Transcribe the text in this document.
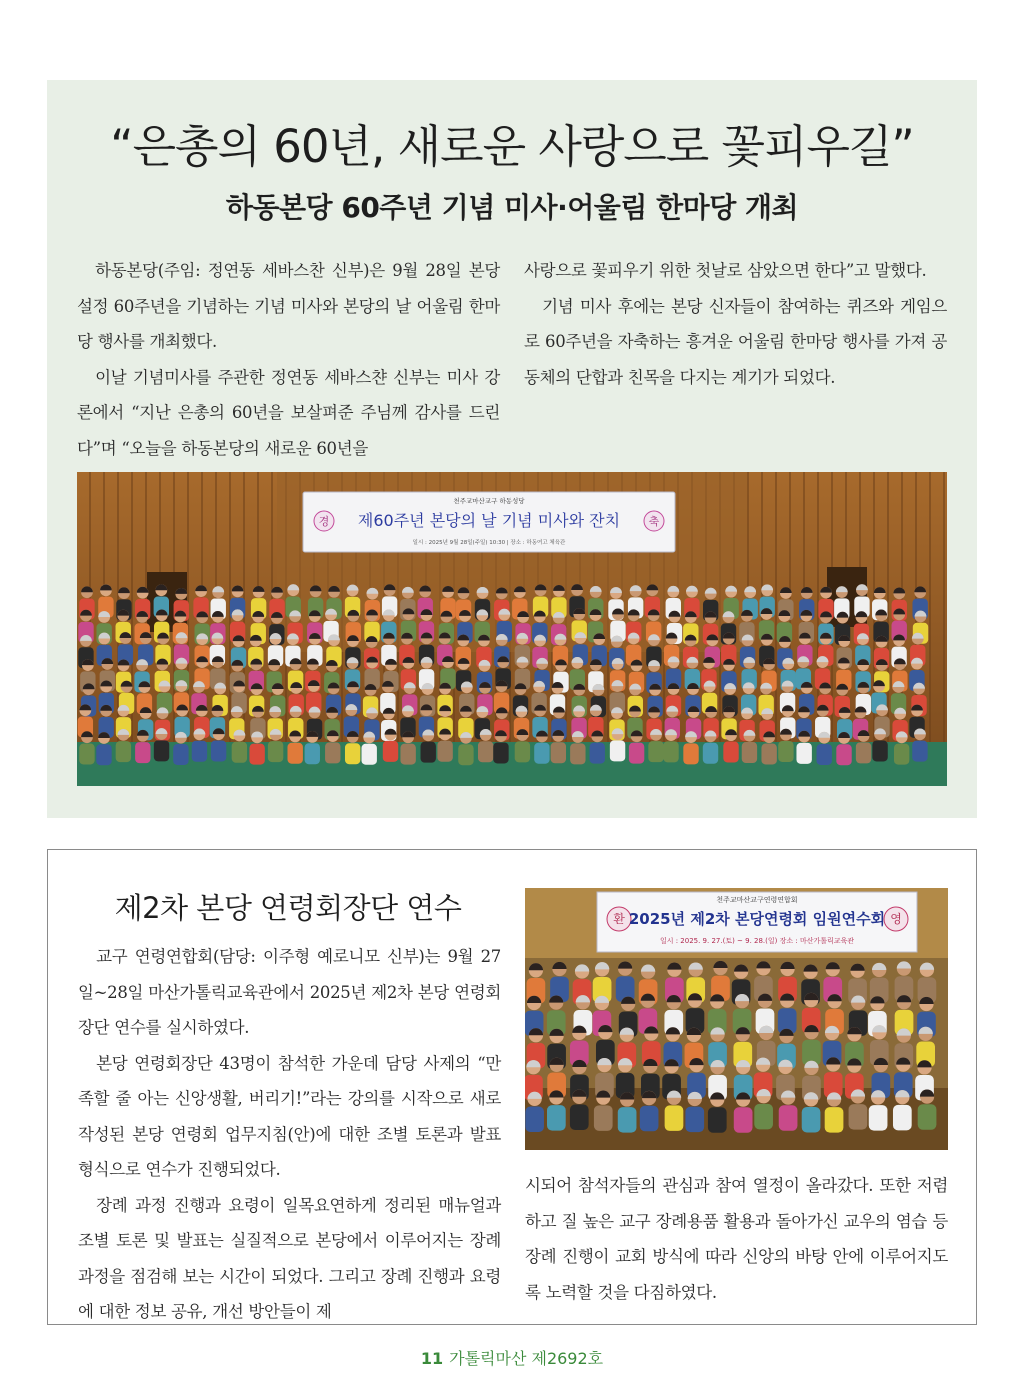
“은총의 60년, 새로운 사랑으로 꽃피우길”
하동본당 60주년 기념 미사·어울림 한마당 개최

하동본당(주임: 정연동 세바스찬 신부)은 9월 28일 본당 설정 60주년을 기념하는 기념 미사와 본당의 날 어울림 한마당 행사를 개최했다.

이날 기념미사를 주관한 정연동 세바스챤 신부는 미사 강론에서 “지난 은총의 60년을 보살펴준 주님께 감사를 드린다”며 “오늘을 하동본당의 새로운 60년을

사랑으로 꽃피우기 위한 첫날로 삼았으면 한다”고 말했다.

기념 미사 후에는 본당 신자들이 참여하는 퀴즈와 게임으로 60주년을 자축하는 흥겨운 어울림 한마당 행사를 가져 공동체의 단합과 친목을 다지는 계기가 되었다.

천주교마산교구 하동성당
경	축
제60주년 본당의 날 기념 미사와 잔치
일시 : 2025년 9월 28일(주일) 10:30 | 장소 : 하동여고 체육관
제2차 본당 연령회장단 연수

교구 연령연합회(담당: 이주형 예로니모 신부)는 9월 27일~28일 마산가톨릭교육관에서 2025년 제2차 본당 연령회장단 연수를 실시하였다.

본당 연령회장단 43명이 참석한 가운데 담당 사제의 “만족할 줄 아는 신앙생활, 버리기!”라는 강의를 시작으로 새로 작성된 본당 연령회 업무지침(안)에 대한 조별 토론과 발표 형식으로 연수가 진행되었다.

장례 과정 진행과 요령이 일목요연하게 정리된 매뉴얼과 조별 토론 및 발표는 실질적으로 본당에서 이루어지는 장례 과정을 점검해 보는 시간이 되었다. 그리고 장례 진행과 요령에 대한 정보 공유, 개선 방안들이 제

천주교마산교구연령연합회
환	영
2025년 제2차 본당연령회 임원연수회
일시 : 2025. 9. 27.(토) ~ 9. 28.(일) 장소 : 마산가톨릭교육관

시되어 참석자들의 관심과 참여 열정이 올라갔다. 또한 저렴하고 질 높은 교구 장례용품 활용과 돌아가신 교우의 염습 등 장례 진행이 교회 방식에 따라 신앙의 바탕 안에 이루어지도록 노력할 것을 다짐하였다.

11 가톨릭마산 제2692호
